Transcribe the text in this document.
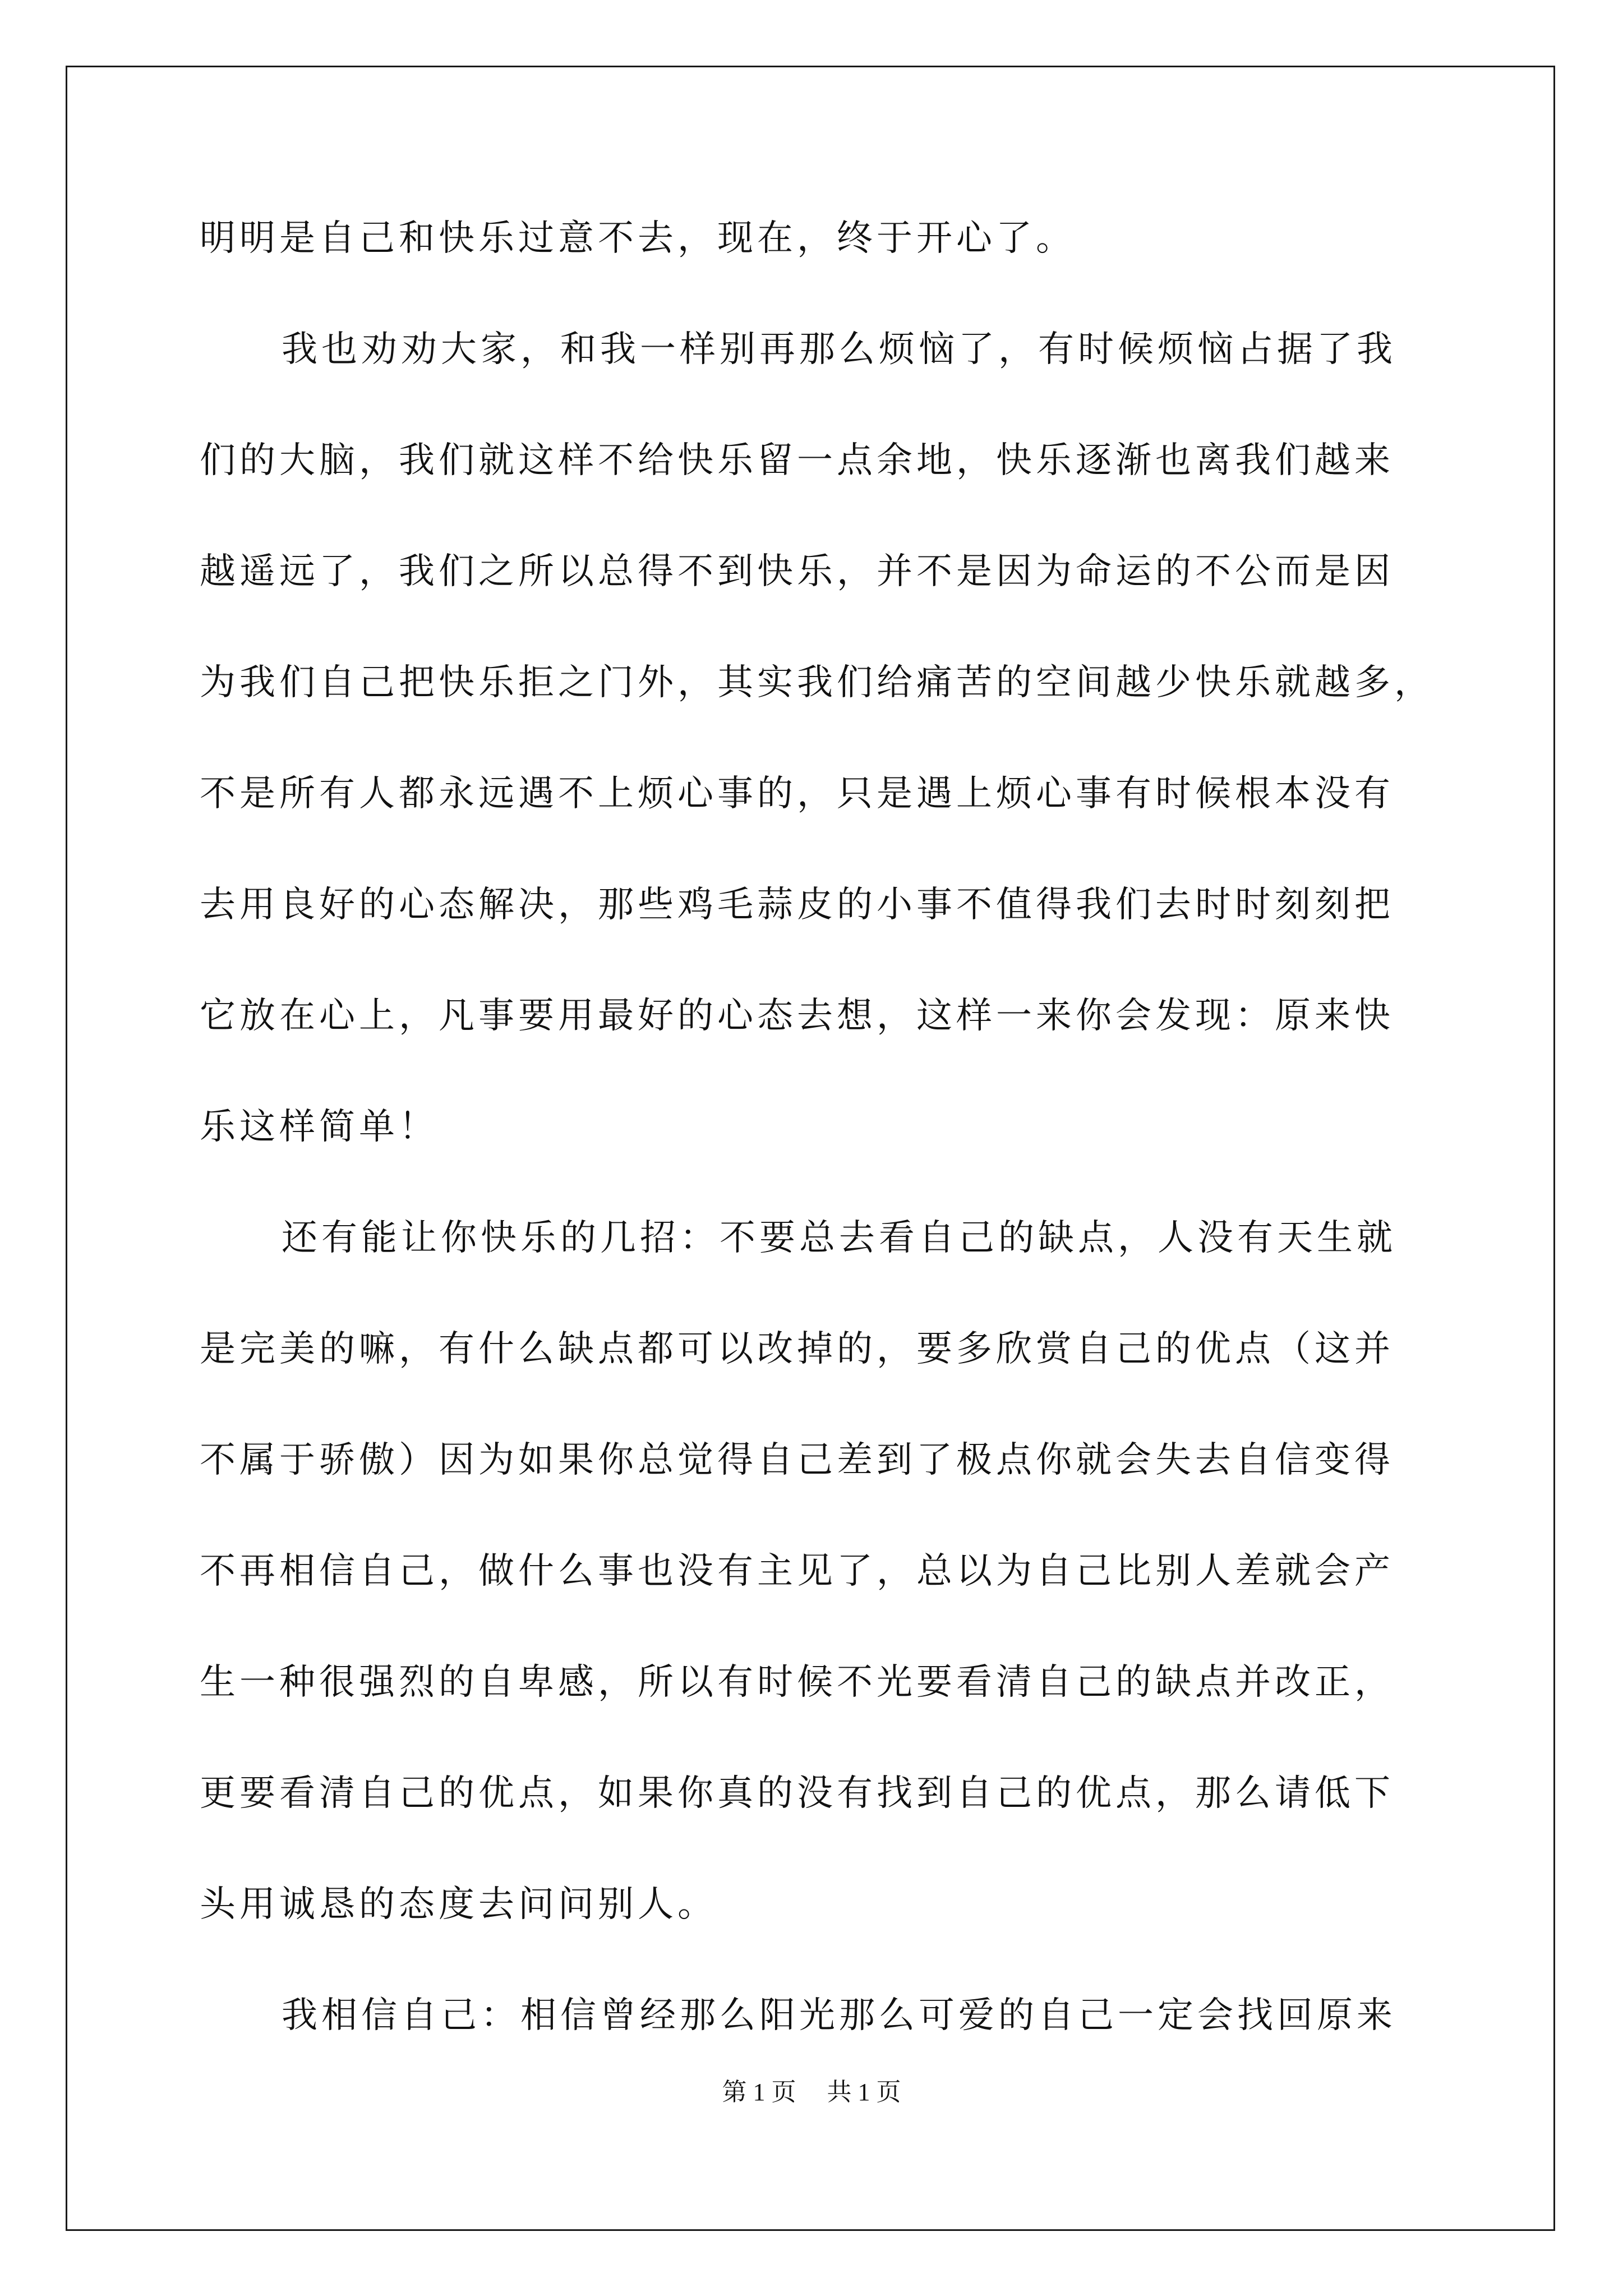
明明是自己和快乐过意不去，现在，终于开心了。
我也劝劝大家，和我一样别再那么烦恼了，有时候烦恼占据了我
们的大脑，我们就这样不给快乐留一点余地，快乐逐渐也离我们越来
越遥远了，我们之所以总得不到快乐，并不是因为命运的不公而是因
为我们自己把快乐拒之门外，其实我们给痛苦的空间越少快乐就越多，
不是所有人都永远遇不上烦心事的，只是遇上烦心事有时候根本没有
去用良好的心态解决，那些鸡毛蒜皮的小事不值得我们去时时刻刻把
它放在心上，凡事要用最好的心态去想，这样一来你会发现：原来快
乐这样简单！
还有能让你快乐的几招：不要总去看自己的缺点，人没有天生就
是完美的嘛，有什么缺点都可以改掉的，要多欣赏自己的优点（这并
不属于骄傲）因为如果你总觉得自己差到了极点你就会失去自信变得
不再相信自己，做什么事也没有主见了，总以为自己比别人差就会产
生一种很强烈的自卑感，所以有时候不光要看清自己的缺点并改正，
更要看清自己的优点，如果你真的没有找到自己的优点，那么请低下
头用诚恳的态度去问问别人。
我相信自己：相信曾经那么阳光那么可爱的自己一定会找回原来
第 1 页　 共 1 页
